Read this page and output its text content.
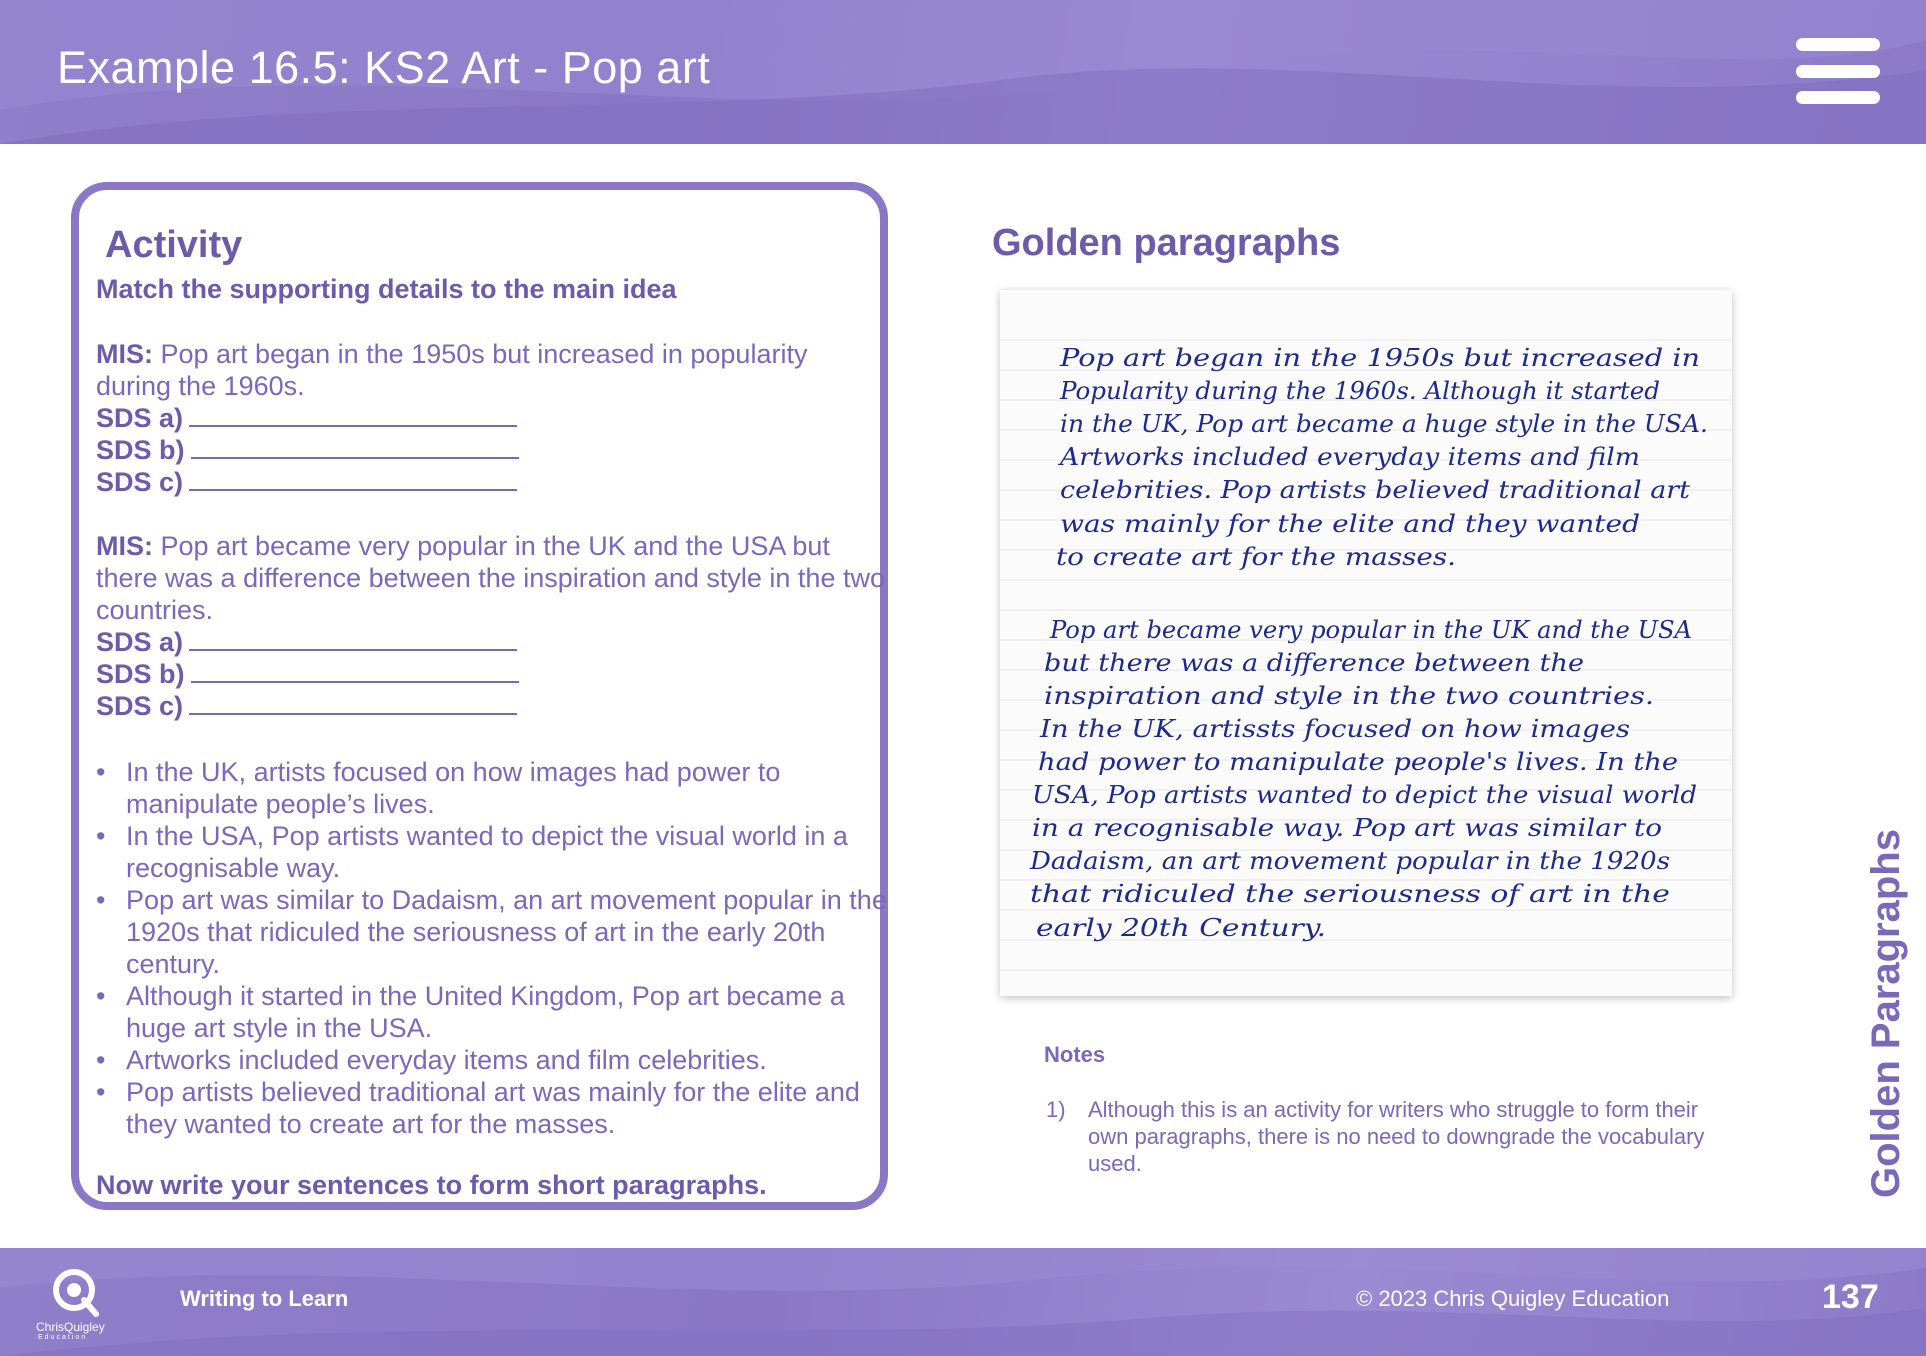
Example 16.5: KS2 Art - Pop art
Activity
Match the supporting details to the main idea
MIS: Pop art began in the 1950s but increased in popularity during the 1960s.
SDS a)
SDS b)
SDS c)
MIS: Pop art became very popular in the UK and the USA but there was a difference between the inspiration and style in the two countries.
SDS a)
SDS b)
SDS c)
• In the UK, artists focused on how images had power to manipulate people’s lives.
• In the USA, Pop artists wanted to depict the visual world in a recognisable way.
• Pop art was similar to Dadaism, an art movement popular in the 1920s that ridiculed the seriousness of art in the early 20th century.
• Although it started in the United Kingdom, Pop art became a huge art style in the USA.
• Artworks included everyday items and film celebrities.
• Pop artists believed traditional art was mainly for the elite and they wanted to create art for the masses.
Now write your sentences to form short paragraphs.
Golden paragraphs
Pop art began in the 1950s but increased in
Popularity during the 1960s. Although it started
in the UK, Pop art became a huge style in the USA.
Artworks included everyday items and film
celebrities. Pop artists believed traditional art
was mainly for the elite and they wanted
to create art for the masses.
Pop art became very popular in the UK and the USA
but there was a difference between the
inspiration and style in the two countries.
In the UK, artissts focused on how images
had power to manipulate people's lives. In the
USA, Pop artists wanted to depict the visual world
in a recognisable way. Pop art was similar to
Dadaism, an art movement popular in the 1920s
that ridiculed the seriousness of art in the
early 20th Century.
Notes
1) Although this is an activity for writers who struggle to form their own paragraphs, there is no need to downgrade the vocabulary used.	Golden Paragraphs
ChrisQuigley
Education
Writing to Learn	© 2023 Chris Quigley Education	137
